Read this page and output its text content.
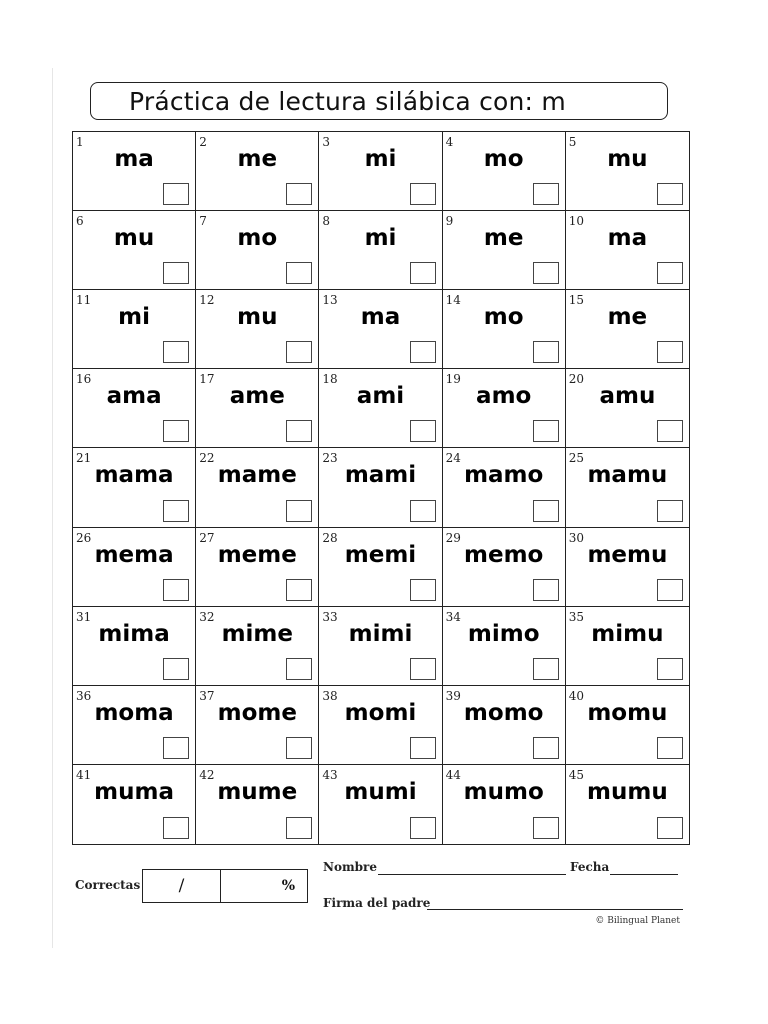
Práctica de lectura silábica con: m
1
ma
2
me
3
mi
4
mo
5
mu
6
mu
7
mo
8
mi
9
me
10
ma
11
mi
12
mu
13
ma
14
mo
15
me
16
ama
17
ame
18
ami
19
amo
20
amu
21
mama
22
mame
23
mami
24
mamo
25
mamu
26
mema
27
meme
28
memi
29
memo
30
memu
31
mima
32
mime
33
mimi
34
mimo
35
mimu
36
moma
37
mome
38
momi
39
momo
40
momu
41
muma
42
mume
43
mumi
44
mumo
45
mumu
Correctas /	%
Nombre	Fecha
Firma del padre
© Bilingual Planet
